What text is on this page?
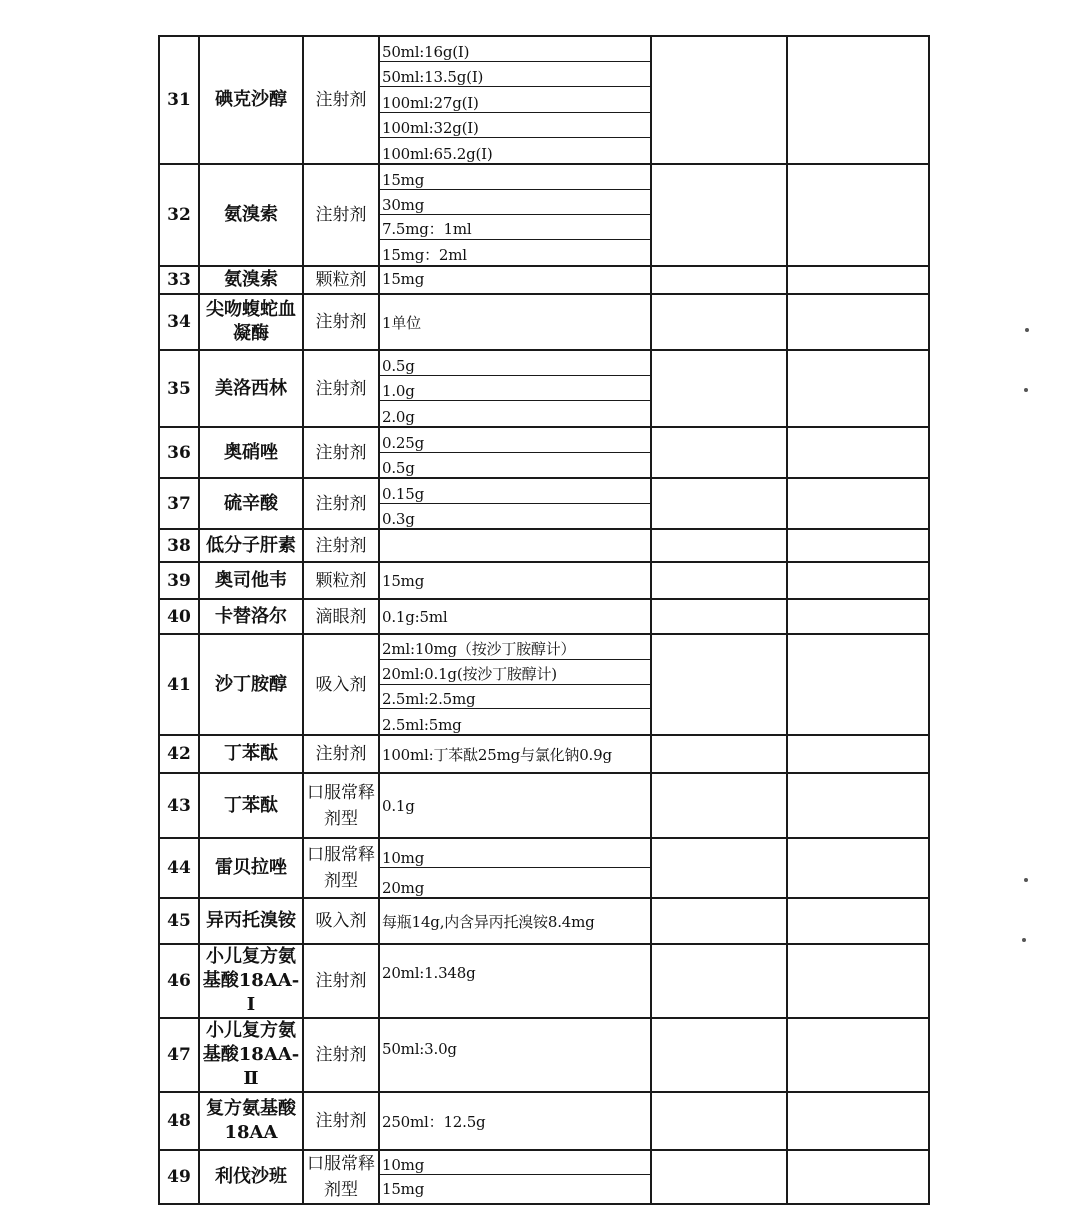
31	碘克沙醇	注射剂	50ml:16g(I)
50ml:13.5g(I)
100ml:27g(I)
100ml:32g(I)
100ml:65.2g(I)		

32	氨溴索	注射剂	15mg
30mg
7.5mg：1ml
15mg：2ml		

33	氨溴索	颗粒剂	15mg		

34	尖吻蝮蛇血凝酶	注射剂	1单位		

35	美洛西林	注射剂	0.5g
1.0g
2.0g		

36	奥硝唑	注射剂	0.25g
0.5g		

37	硫辛酸	注射剂	0.15g
0.3g		

38	低分子肝素	注射剂	

39	奥司他韦	颗粒剂	15mg		

40	卡替洛尔	滴眼剂	0.1g:5ml		

41	沙丁胺醇	吸入剂	2ml:10mg（按沙丁胺醇计）
20ml:0.1g(按沙丁胺醇计)
2.5ml:2.5mg
2.5ml:5mg		

42	丁苯酞	注射剂	100ml:丁苯酞25mg与氯化钠0.9g		

43	丁苯酞	口服常释剂型	0.1g		

44	雷贝拉唑	口服常释剂型	10mg
20mg		

45	异丙托溴铵	吸入剂	每瓶14g,内含异丙托溴铵8.4mg		

46	小儿复方氨基酸18AA-Ⅰ	注射剂	20ml:1.348g		

47	小儿复方氨基酸18AA-Ⅱ	注射剂	50ml:3.0g		

48	复方氨基酸18AA	注射剂	250ml：12.5g		

49	利伐沙班	口服常释剂型	10mg
15mg		
